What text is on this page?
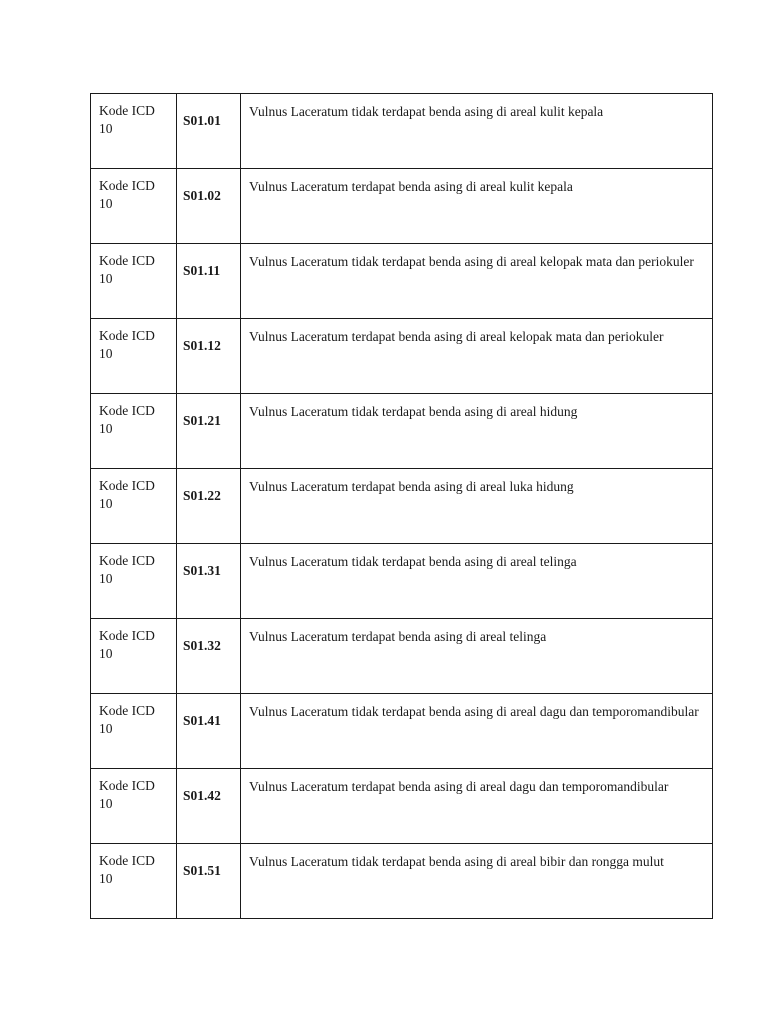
Kode ICD 10	S01.01	Vulnus Laceratum tidak terdapat benda asing di areal kulit kepala

Kode ICD 10	S01.02	Vulnus Laceratum terdapat benda asing di areal kulit kepala

Kode ICD 10	S01.11	Vulnus Laceratum tidak terdapat benda asing di areal kelopak mata dan periokuler

Kode ICD 10	S01.12	Vulnus Laceratum terdapat benda asing di areal kelopak mata dan periokuler

Kode ICD 10	S01.21	Vulnus Laceratum tidak terdapat benda asing di areal hidung

Kode ICD 10	S01.22	Vulnus Laceratum terdapat benda asing di areal luka hidung

Kode ICD 10	S01.31	Vulnus Laceratum tidak terdapat benda asing di areal telinga

Kode ICD 10	S01.32	Vulnus Laceratum terdapat benda asing di areal telinga

Kode ICD 10	S01.41	Vulnus Laceratum tidak terdapat benda asing di areal dagu dan temporomandibular

Kode ICD 10	S01.42	Vulnus Laceratum terdapat benda asing di areal dagu dan temporomandibular

Kode ICD 10	S01.51	Vulnus Laceratum tidak terdapat benda asing di areal bibir dan rongga mulut
